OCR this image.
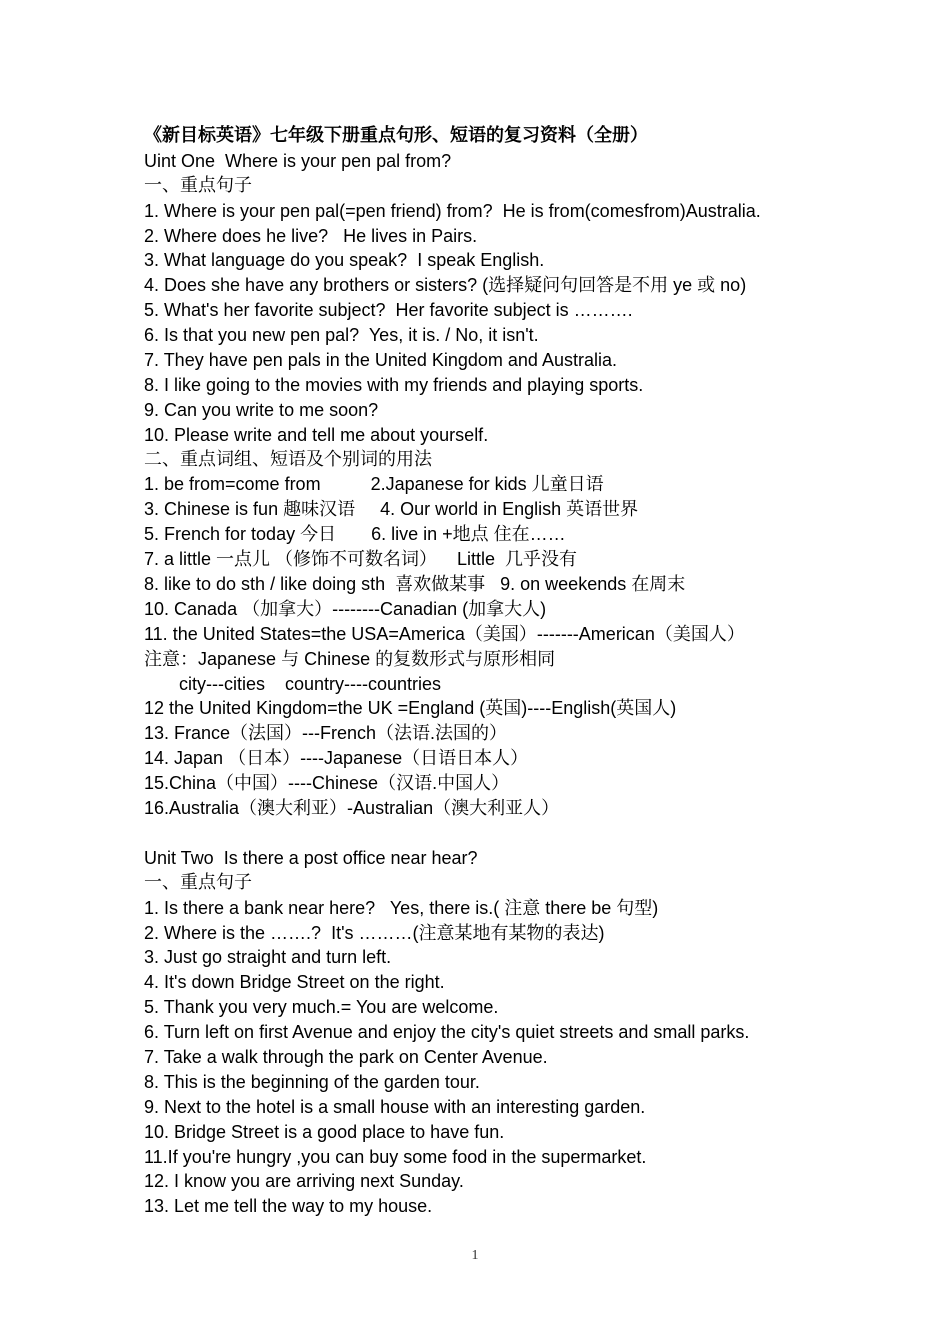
《新目标英语》七年级下册重点句形、短语的复习资料（全册）
Uint One  Where is your pen pal from?
一、重点句子
1. Where is your pen pal(=pen friend) from?  He is from(comesfrom)Australia.
2. Where does he live?   He lives in Pairs.
3. What language do you speak?  I speak English.
4. Does she have any brothers or sisters? (选择疑问句回答是不用 ye 或 no)
5. What's her favorite subject?  Her favorite subject is ……….
6. Is that you new pen pal?  Yes, it is. / No, it isn't.
7. They have pen pals in the United Kingdom and Australia.
8. I like going to the movies with my friends and playing sports.
9. Can you write to me soon?
10. Please write and tell me about yourself.
二、重点词组、短语及个别词的用法
1. be from=come from          2.Japanese for kids 儿童日语
3. Chinese is fun 趣味汉语     4. Our world in English 英语世界
5. French for today 今日       6. live in +地点 住在……
7. a little 一点儿 （修饰不可数名词）    Little  几乎没有
8. like to do sth / like doing sth  喜欢做某事   9. on weekends 在周末
10. Canada （加拿大）--------Canadian (加拿大人)
11. the United States=the USA=America（美国）-------American（美国人）
注意：Japanese 与 Chinese 的复数形式与原形相同
city---cities    country----countries
12 the United Kingdom=the UK =England (英国)----English(英国人)
13. France（法国）---French（法语.法国的）
14. Japan （日本）----Japanese（日语日本人）
15.China（中国）----Chinese（汉语.中国人）
16.Australia（澳大利亚）-Australian（澳大利亚人）
Unit Two  Is there a post office near hear?
一、重点句子
1. Is there a bank near here?   Yes, there is.( 注意 there be 句型)
2. Where is the …….?  It's ………(注意某地有某物的表达)
3. Just go straight and turn left.
4. It's down Bridge Street on the right.
5. Thank you very much.= You are welcome.
6. Turn left on first Avenue and enjoy the city's quiet streets and small parks.
7. Take a walk through the park on Center Avenue.
8. This is the beginning of the garden tour.
9. Next to the hotel is a small house with an interesting garden.
10. Bridge Street is a good place to have fun.
11.If you're hungry ,you can buy some food in the supermarket.
12. I know you are arriving next Sunday.
13. Let me tell the way to my house.
1
